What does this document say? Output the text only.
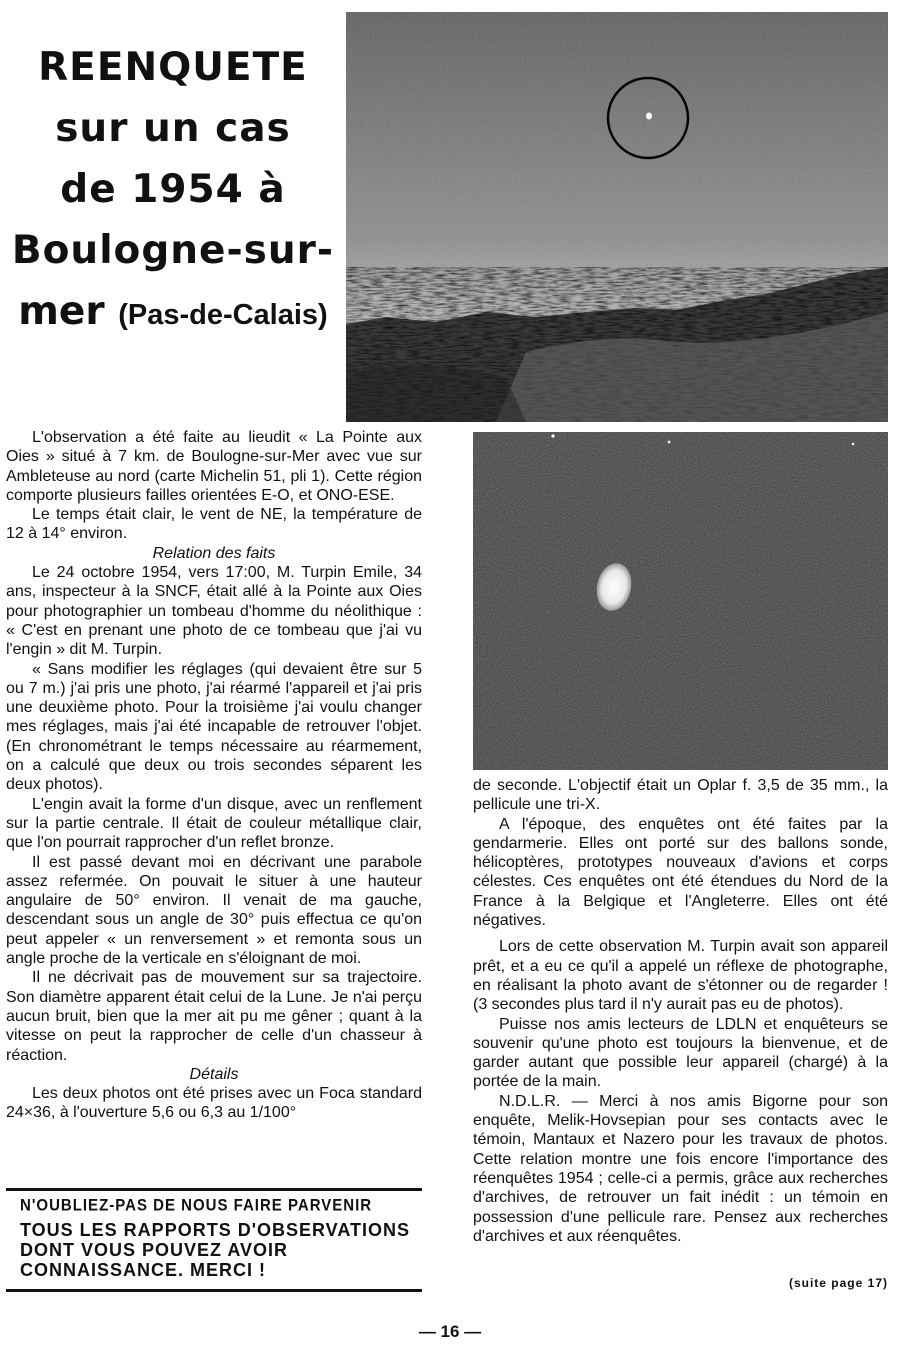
REENQUETE
sur un cas
de 1954 à
Boulogne-sur-
mer (Pas-de-Calais)

L'observation a été faite au lieudit « La Pointe aux Oies » situé à 7 km. de Boulogne-sur-Mer avec vue sur Ambleteuse au nord (carte Michelin 51, pli 1). Cette région comporte plusieurs failles orientées E-O, et ONO-ESE.

Le temps était clair, le vent de NE, la température de 12 à 14° environ.

Relation des faits

Le 24 octobre 1954, vers 17:00, M. Turpin Emile, 34 ans, inspecteur à la SNCF, était allé à la Pointe aux Oies pour photographier un tombeau d'homme du néolithique : « C'est en prenant une photo de ce tombeau que j'ai vu l'engin » dit M. Turpin.

« Sans modifier les réglages (qui devaient être sur 5 ou 7 m.) j'ai pris une photo, j'ai réarmé l'appareil et j'ai pris une deuxième photo. Pour la troisième j'ai voulu changer mes réglages, mais j'ai été incapable de retrouver l'objet. (En chronométrant le temps nécessaire au réarmement, on a calculé que deux ou trois secondes séparent les deux photos).

L'engin avait la forme d'un disque, avec un renflement sur la partie centrale. Il était de couleur métallique clair, que l'on pourrait rapprocher d'un reflet bronze.

Il est passé devant moi en décrivant une parabole assez refermée. On pouvait le situer à une hauteur angulaire de 50° environ. Il venait de ma gauche, descendant sous un angle de 30° puis effectua ce qu'on peut appeler « un renversement » et remonta sous un angle proche de la verticale en s'éloignant de moi.

Il ne décrivait pas de mouvement sur sa trajectoire. Son diamètre apparent était celui de la Lune. Je n'ai perçu aucun bruit, bien que la mer ait pu me gêner ; quant à la vitesse on peut la rapprocher de celle d'un chasseur à réaction.

Détails

Les deux photos ont été prises avec un Foca standard 24×36, à l'ouverture 5,6 ou 6,3 au 1/100°

N'OUBLIEZ-PAS DE NOUS FAIRE PARVENIR
TOUS LES RAPPORTS D'OBSERVATIONS DONT VOUS POUVEZ AVOIR CONNAISSANCE. MERCI !

de seconde. L'objectif était un Oplar f. 3,5 de 35 mm., la pellicule une tri-X.

A l'époque, des enquêtes ont été faites par la gendarmerie. Elles ont porté sur des ballons sonde, hélicoptères, prototypes nouveaux d'avions et corps célestes. Ces enquêtes ont été étendues du Nord de la France à la Belgique et l'Angleterre. Elles ont été négatives.

Lors de cette observation M. Turpin avait son appareil prêt, et a eu ce qu'il a appelé un réflexe de photographe, en réalisant la photo avant de s'étonner ou de regarder ! (3 secondes plus tard il n'y aurait pas eu de photos).

Puisse nos amis lecteurs de LDLN et enquêteurs se souvenir qu'une photo est toujours la bienvenue, et de garder autant que possible leur appareil (chargé) à la portée de la main.

N.D.L.R. — Merci à nos amis Bigorne pour son enquête, Melik-Hovsepian pour ses contacts avec le témoin, Mantaux et Nazero pour les travaux de photos. Cette relation montre une fois encore l'importance des réenquêtes 1954 ; celle-ci a permis, grâce aux recherches d'archives, de retrouver un fait inédit : un témoin en possession d'une pellicule rare. Pensez aux recherches d'archives et aux réenquêtes.

(suite page 17)
— 16 —
